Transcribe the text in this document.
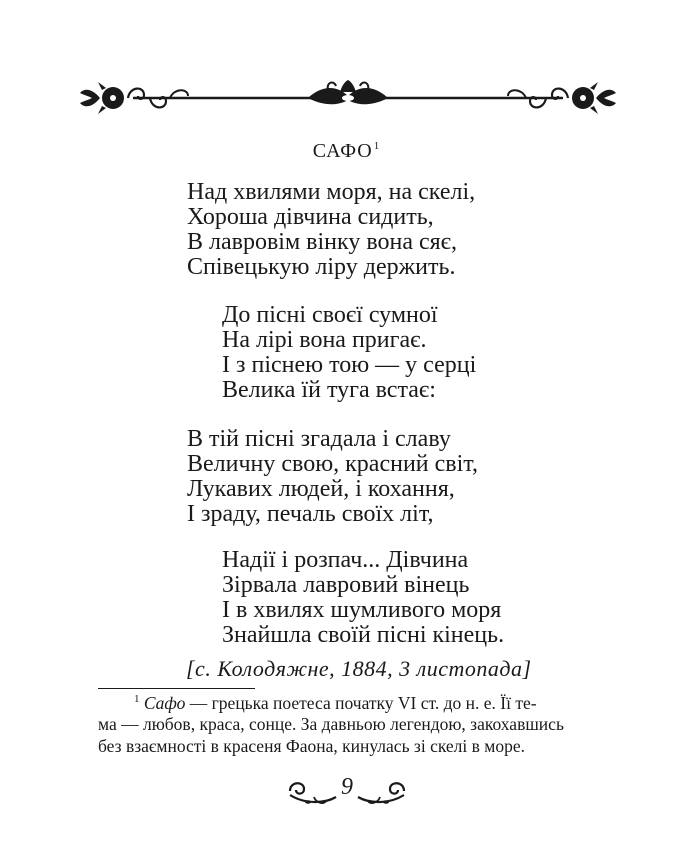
САФО$^1$
Над хвилями моря, на скелі,
Хороша дівчина сидить,
В лавровім вінку вона сяє,
Співецькую ліру держить.
До пісні своєї сумної
На лірі вона пригає.
І з піснею тою — у серці
Велика їй туга встає:
В тій пісні згадала і славу
Величну свою, красний світ,
Лукавих людей, і кохання,
І зраду, печаль своїх літ,
Надії і розпач... Дівчина
Зірвала лавровий вінець
І в хвилях шумливого моря
Знайшла своїй пісні кінець.
[с. Колодяжне, 1884, 3 листопада]
$^1$ Сафо — грецька поетеса початку VI ст. до н. е. Її те-
ма — любов, краса, сонце. За давньою легендою, закохавшись
без взаємності в красеня Фаона, кинулась зі скелі в море.
9
